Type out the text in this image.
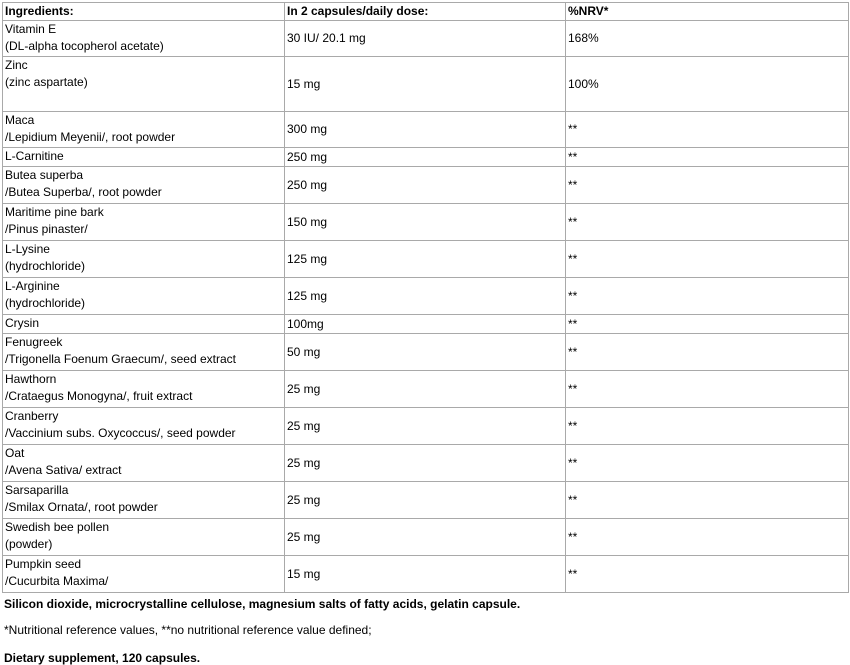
Ingredients:	In 2 capsules/daily dose:	%NRV*

Vitamin E
(DL-alpha tocopherol acetate)	30 IU/ 20.1 mg	168%

Zinc
(zinc aspartate)	15 mg	100%

Maca
/Lepidium Meyenii/, root powder	300 mg	**

L-Carnitine	250 mg	**

Butea superba
/Butea Superba/, root powder	250 mg	**

Maritime pine bark
/Pinus pinaster/	150 mg	**

L-Lysine
(hydrochloride)	125 mg	**

L-Arginine
(hydrochloride)	125 mg	**

Crysin	100mg	**

Fenugreek
/Trigonella Foenum Graecum/, seed extract	50 mg	**

Hawthorn
/Crataegus Monogyna/, fruit extract	25 mg	**

Cranberry
/Vaccinium subs. Oxycoccus/, seed powder	25 mg	**

Oat
/Avena Sativa/ extract	25 mg	**

Sarsaparilla
/Smilax Ornata/, root powder	25 mg	**

Swedish bee pollen
(powder)	25 mg	**

Pumpkin seed
/Cucurbita Maxima/	15 mg	**
Silicon dioxide, microcrystalline cellulose, magnesium salts of fatty acids, gelatin capsule.
*Nutritional reference values, **no nutritional reference value defined;
Dietary supplement, 120 capsules.
